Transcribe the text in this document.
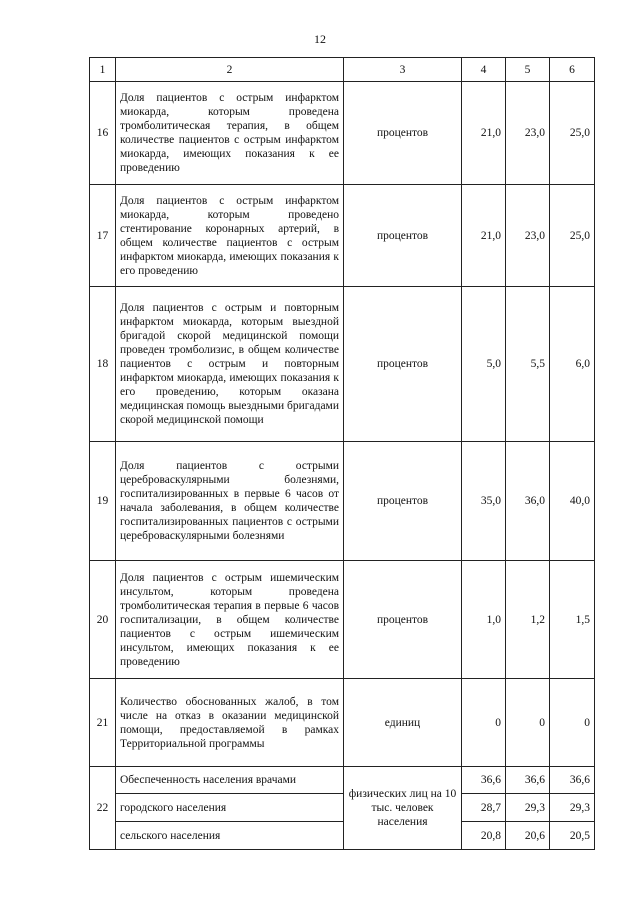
12
1	2	3	4	5	6
16	Доля пациентов с острым инфарктом миокарда, которым проведена тромболитическая терапия, в общем количестве пациентов с острым инфарктом миокарда, имеющих показания к ее проведению	процентов	21,0	23,0	25,0
17	Доля пациентов с острым инфарктом миокарда, которым проведено стентирование коронарных артерий, в общем количестве пациентов с острым инфарктом миокарда, имеющих показания к его проведению	процентов	21,0	23,0	25,0
18	Доля пациентов с острым и повторным инфарктом миокарда, которым выездной бригадой скорой медицинской помощи проведен тромболизис, в общем количестве пациентов с острым и повторным инфарктом миокарда, имеющих показания к его проведению, которым оказана медицинская помощь выездными бригадами скорой медицинской помощи	процентов	5,0	5,5	6,0
19	Доля пациентов с острыми цереброваскулярными болезнями, госпитализированных в первые 6 часов от начала заболевания, в общем количестве госпитализированных пациентов с острыми цереброваскулярными болезнями	процентов	35,0	36,0	40,0
20	Доля пациентов с острым ишемическим инсультом, которым проведена тромболитическая терапия в первые 6 часов госпитализации, в общем количестве пациентов с острым ишемическим инсультом, имеющих показания к ее проведению	процентов	1,0	1,2	1,5
21	Количество обоснованных жалоб, в том числе на отказ в оказании медицинской помощи, предоставляемой в рамках Территориальной программы	единиц	0	0	0
22	Обеспеченность населения врачами	физических лиц на 10 тыс. человек населения	36,6	36,6	36,6
	городского населения		28,7	29,3	29,3
	сельского населения		20,8	20,6	20,5
